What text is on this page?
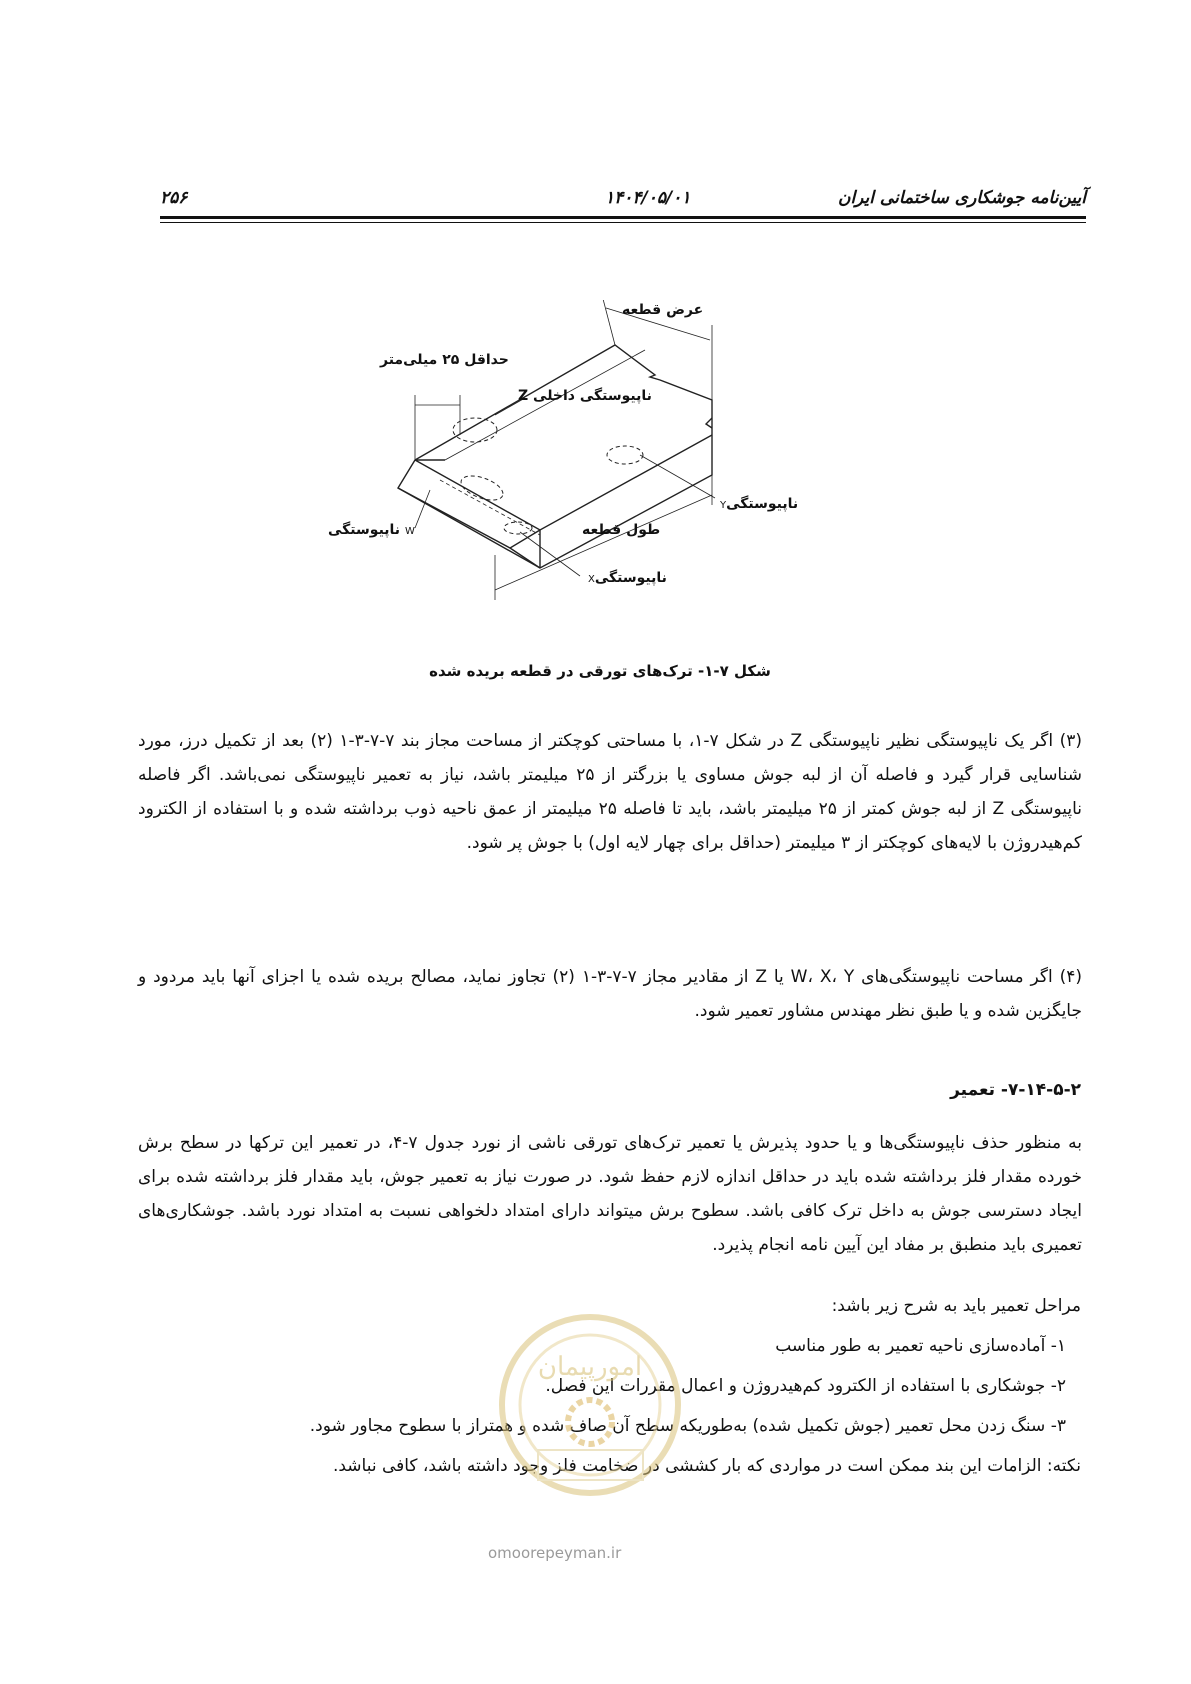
۲۵۶	۱۴۰۴/۰۵/۰۱	آیین‌نامه جوشکاری ساختمانی ایران
عرض قطعه
حداقل ۲۵ میلی‌متر
ناپیوستگی داخلی Z
ناپیوستگیY
طول قطعه
W ناپیوستگی
ناپیوستگیX
شکل ۷-۱- ترک‌های تورقی در قطعه بریده شده
(۳) اگر یک ناپیوستگی نظیر ناپیوستگی Z در شکل ۷-۱، با مساحتی کوچکتر از مساحت مجاز بند ۷-۷-۳-۱ (۲) بعد از تکمیل درز، مورد شناسایی قرار گیرد و فاصله آن از لبه جوش مساوی یا بزرگتر از ۲۵ میلیمتر باشد، نیاز به تعمیر ناپیوستگی نمی‌باشد. اگر فاصله ناپیوستگی Z از لبه جوش کمتر از ۲۵ میلیمتر باشد، باید تا فاصله ۲۵ میلیمتر از عمق ناحیه ذوب برداشته شده و با استفاده از الکترود کم‌هیدروژن با لایه‌های کوچکتر از ۳ میلیمتر (حداقل برای چهار لایه اول) با جوش پر شود.
(۴) اگر مساحت ناپیوستگی‌های W، X، Y یا Z از مقادیر مجاز ۷-۷-۳-۱ (۲) تجاوز نماید، مصالح بریده شده یا اجزای آنها باید مردود و جایگزین شده و یا طبق نظر مهندس مشاور تعمیر شود.
۷-۱۴-۵-۲- تعمیر
به منظور حذف ناپیوستگی‌ها و یا حدود پذیرش یا تعمیر ترک‌های تورقی ناشی از نورد جدول ۷-۴، در تعمیر این ترکها در سطح برش خورده مقدار فلز برداشته شده باید در حداقل اندازه لازم حفظ شود. در صورت نیاز به تعمیر جوش، باید مقدار فلز برداشته شده برای ایجاد دسترسی جوش به داخل ترک کافی باشد. سطوح برش میتواند دارای امتداد دلخواهی نسبت به امتداد نورد باشد. جوشکاری‌های تعمیری باید منطبق بر مفاد این آیین نامه انجام پذیرد.
مراحل تعمیر باید به شرح زیر باشد:
۱- آماده‌سازی ناحیه تعمیر به طور مناسب
۲- جوشکاری با استفاده از الکترود کم‌هیدروژن و اعمال مقررات این فصل.
۳- سنگ زدن محل تعمیر (جوش تکمیل شده) به‌طوریکه سطح آن صاف شده و همتراز با سطوح مجاور شود.
نکته: الزامات این بند ممکن است در مواردی که بار کششی در ضخامت فلز وجود داشته باشد، کافی نباشد.
امورپیمان
omoorepeyman.ir
